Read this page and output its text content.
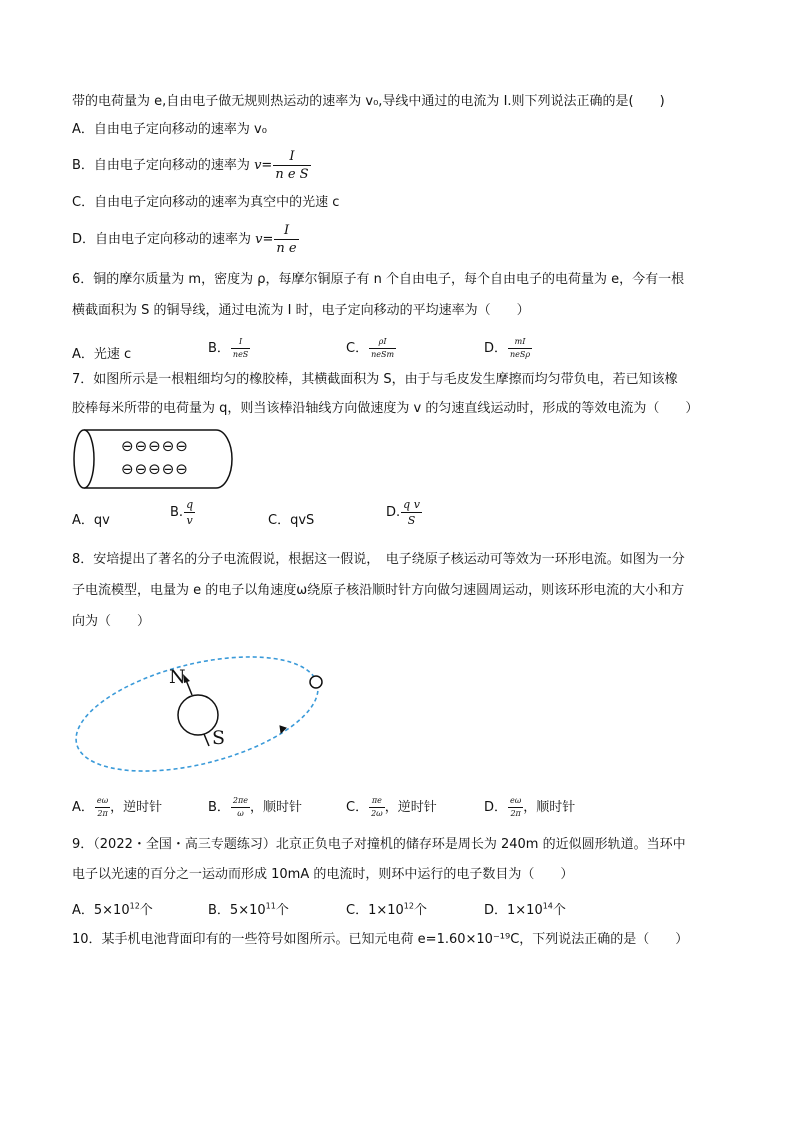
带的电荷量为 e,自由电子做无规则热运动的速率为 v₀,导线中通过的电流为 I.则下列说法正确的是(　　)
A．自由电子定向移动的速率为 v₀
B．自由电子定向移动的速率为 $v= \frac{I}{\text{n e S}}$
C．自由电子定向移动的速率为真空中的光速 c
D．自由电子定向移动的速率为 $v= \frac{I}{\text{n e}}$
6．铜的摩尔质量为 m，密度为 ρ，每摩尔铜原子有 n 个自由电子，每个自由电子的电荷量为 e，今有一根
横截面积为 S 的铜导线，通过电流为 I 时，电子定向移动的平均速率为（　　）
A．光速 c	B． $\frac{I}{\text{neS}}$	C． $\frac{\rho I}{\text{neSm}}$	D． $\frac{mI}{\text{neSρ}}$
7．如图所示是一根粗细均匀的橡胶棒，其横截面积为 S，由于与毛皮发生摩擦而均匀带负电，若已知该橡
胶棒每米所带的电荷量为 q，则当该棒沿轴线方向做速度为 v 的匀速直线运动时，形成的等效电流为（　　）
⊖⊖⊖⊖⊖
⊖⊖⊖⊖⊖
A．qv
B. $\frac{q}{v}$	C．qvS
D. $\frac{\text{q v}}{S}$
8．安培提出了著名的分子电流假说，根据这一假说，　电子绕原子核运动可等效为一环形电流。如图为一分
子电流模型，电量为 e 的电子以角速度ω绕原子核沿顺时针方向做匀速圆周运动，则该环形电流的大小和方
向为（　　）
N
S
A． $\frac{e\omega}{2\pi}$ ，逆时针	B． $\frac{2\pi e}{\omega}$ ，顺时针	C． $\frac{\pi e}{2\omega}$ ，逆时针	D． $\frac{e\omega}{2\pi}$ ，顺时针
9．（2022・全国・高三专题练习）北京正负电子对撞机的储存环是周长为 240m 的近似圆形轨道。当环中
电子以光速的百分之一运动而形成 10mA 的电流时，则环中运行的电子数目为（　　）
A．$5\times 10^{12}$个	B．$5\times 10^{11}$个	C．$1\times 10^{12}$个	D．$1\times 10^{14}$个
10．某手机电池背面印有的一些符号如图所示。已知元电荷 e=1.60×10⁻¹⁹C，下列说法正确的是（　　）
